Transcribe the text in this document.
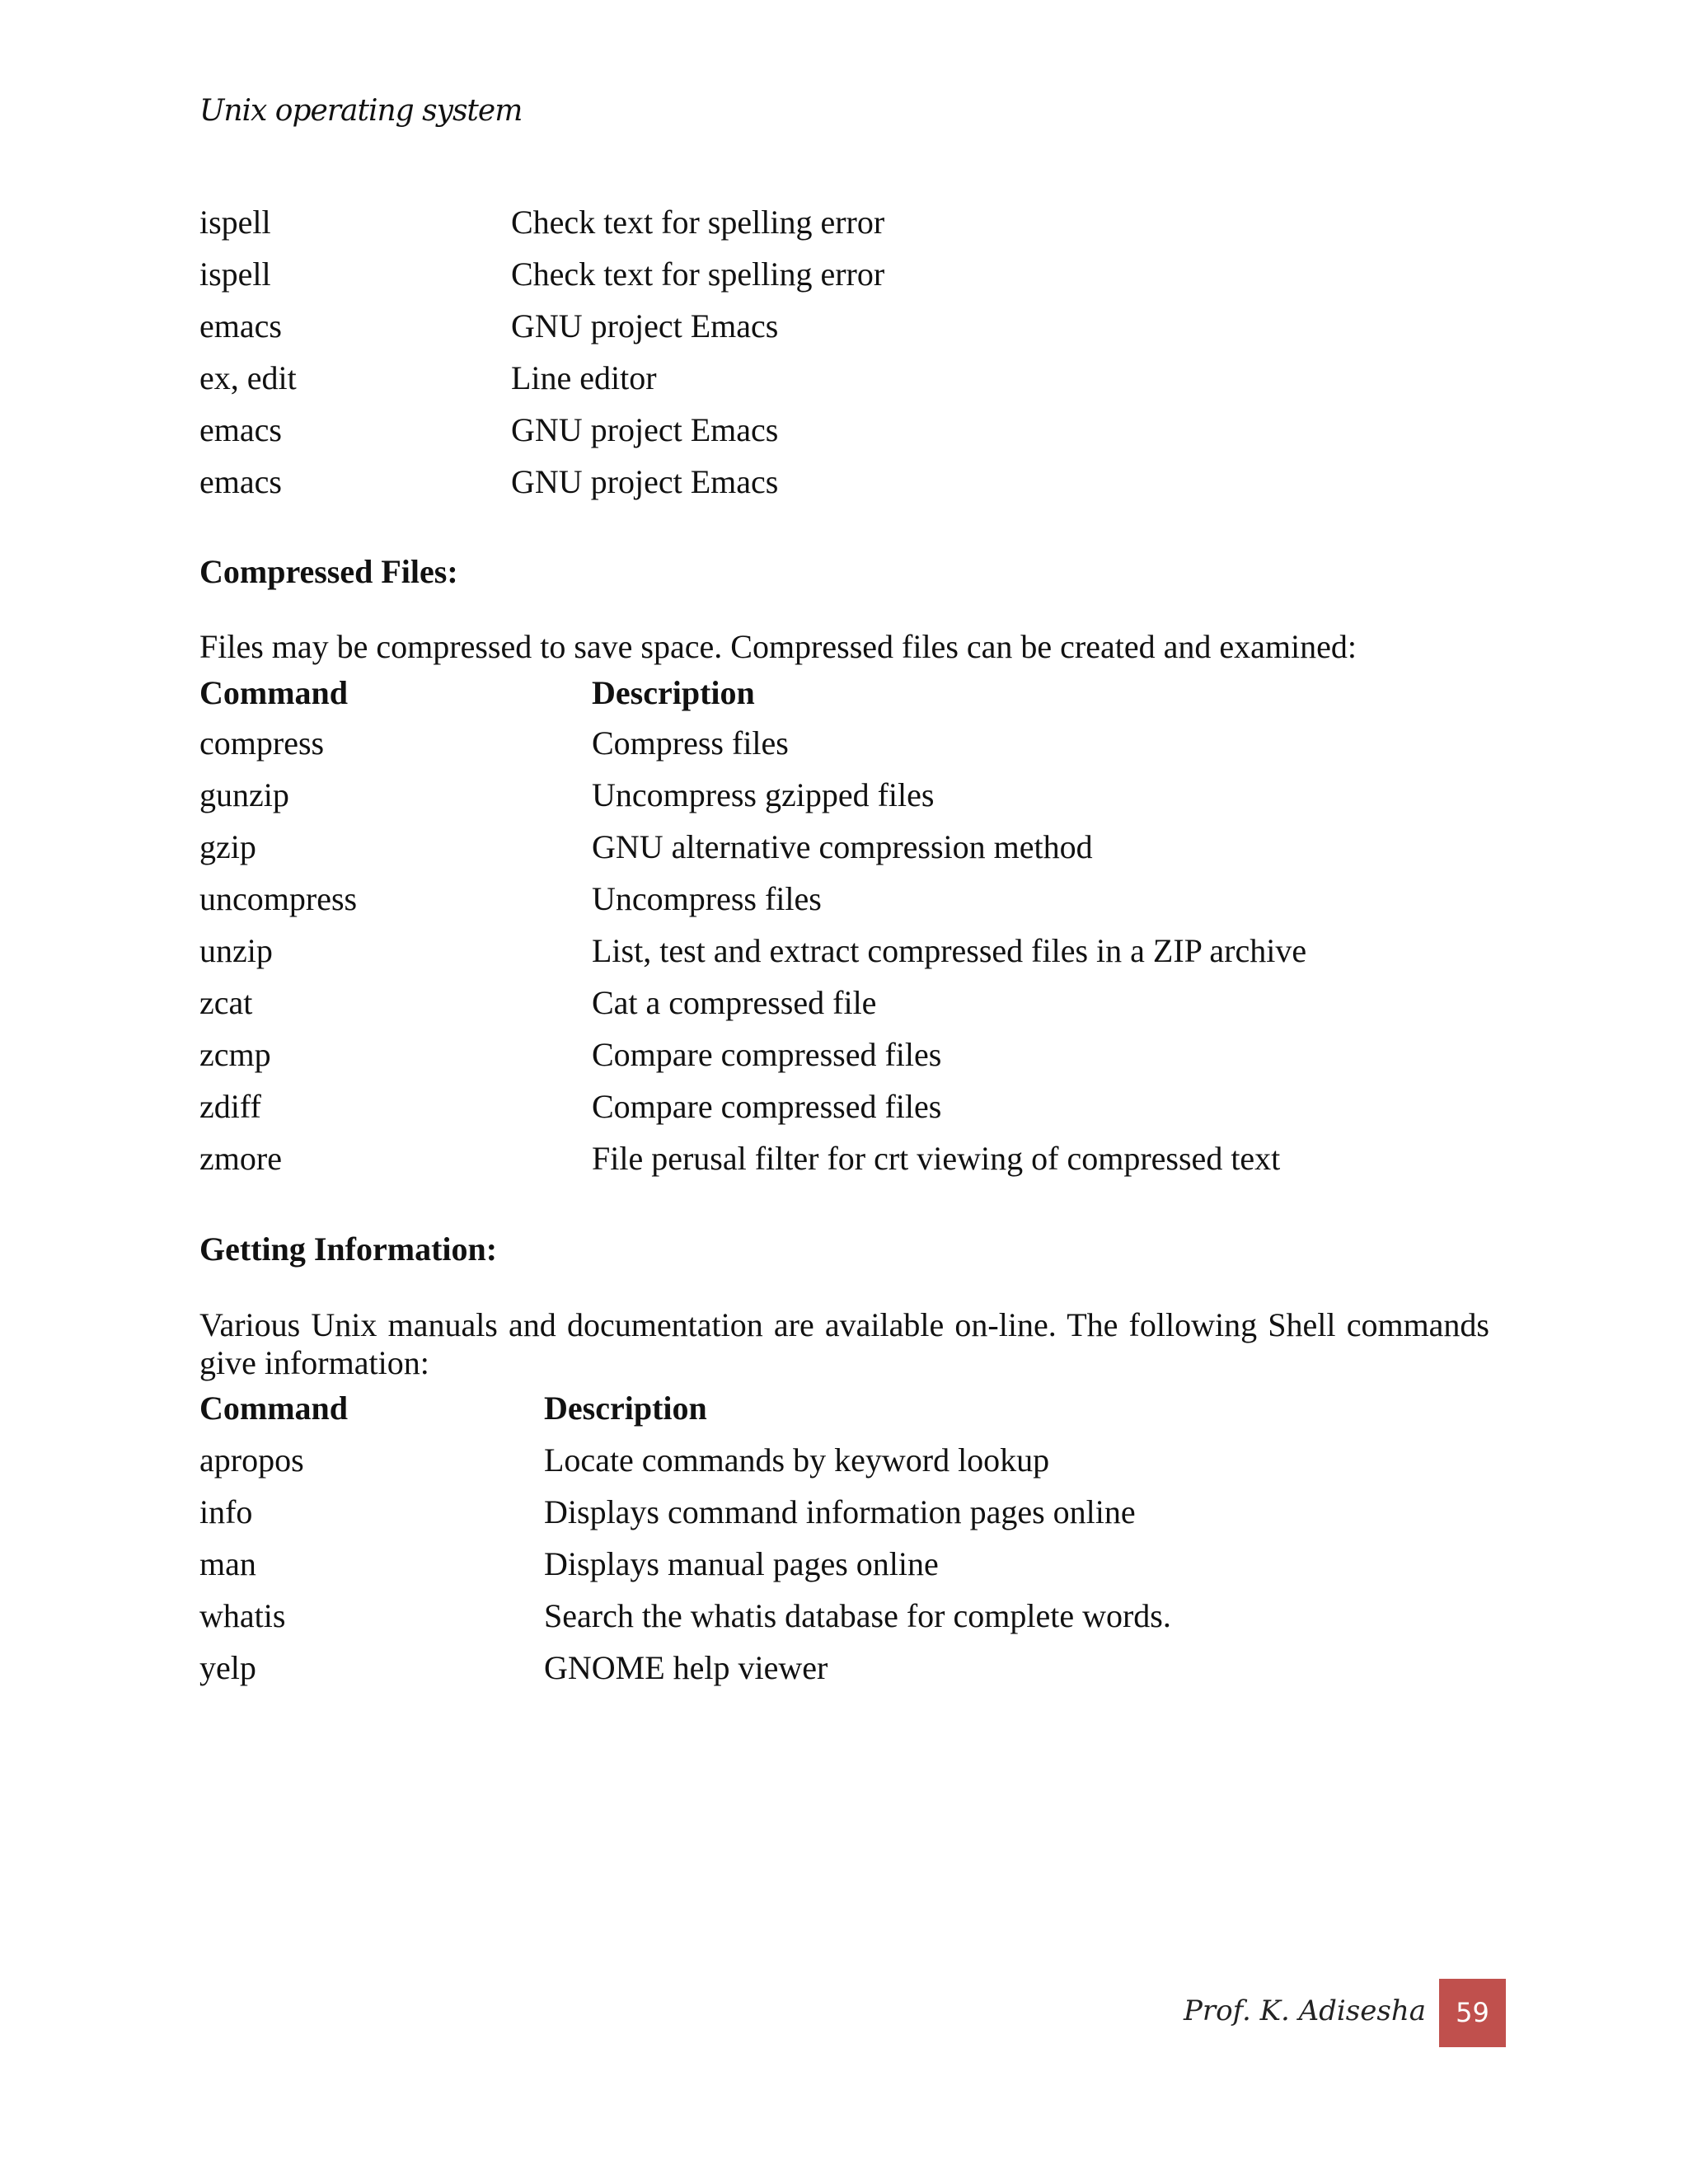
Unix operating system
ispell	Check text for spelling error
ispell	Check text for spelling error
emacs	GNU project Emacs
ex, edit	Line editor
emacs	GNU project Emacs
emacs	GNU project Emacs
Compressed Files:
Files may be compressed to save space. Compressed files can be created and examined:
Command	Description
compress	Compress files
gunzip	Uncompress gzipped files
gzip	GNU alternative compression method
uncompress	Uncompress files
unzip	List, test and extract compressed files in a ZIP archive
zcat	Cat a compressed file
zcmp	Compare compressed files
zdiff	Compare compressed files
zmore	File perusal filter for crt viewing of compressed text
Getting Information:
Various Unix manuals and documentation are available on-line. The following Shell commands give information:
Command	Description
apropos	Locate commands by keyword lookup
info	Displays command information pages online
man	Displays manual pages online
whatis	Search the whatis database for complete words.
yelp	GNOME help viewer
Prof. K. Adisesha	59
